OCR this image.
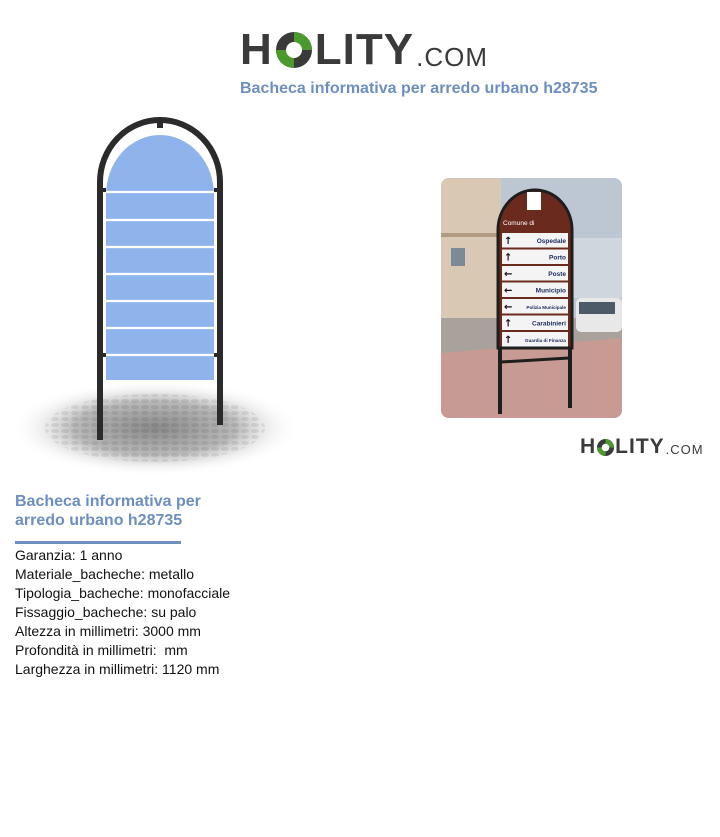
H LITY .COM
Bacheca informativa per arredo urbano h28735
Comune di
↑	Ospedale
↑	Porto
←	Poste
←	Municipio
←	Polizia Municipale
↑	Carabinieri
↑	Guardia di Finanza
H LITY .COM
Bacheca informativa per arredo urbano h28735
Garanzia: 1 anno
Materiale_bacheche: metallo
Tipologia_bacheche: monofacciale
Fissaggio_bacheche: su palo
Altezza in millimetri: 3000 mm
Profondità in millimetri:  mm
Larghezza in millimetri: 1120 mm
